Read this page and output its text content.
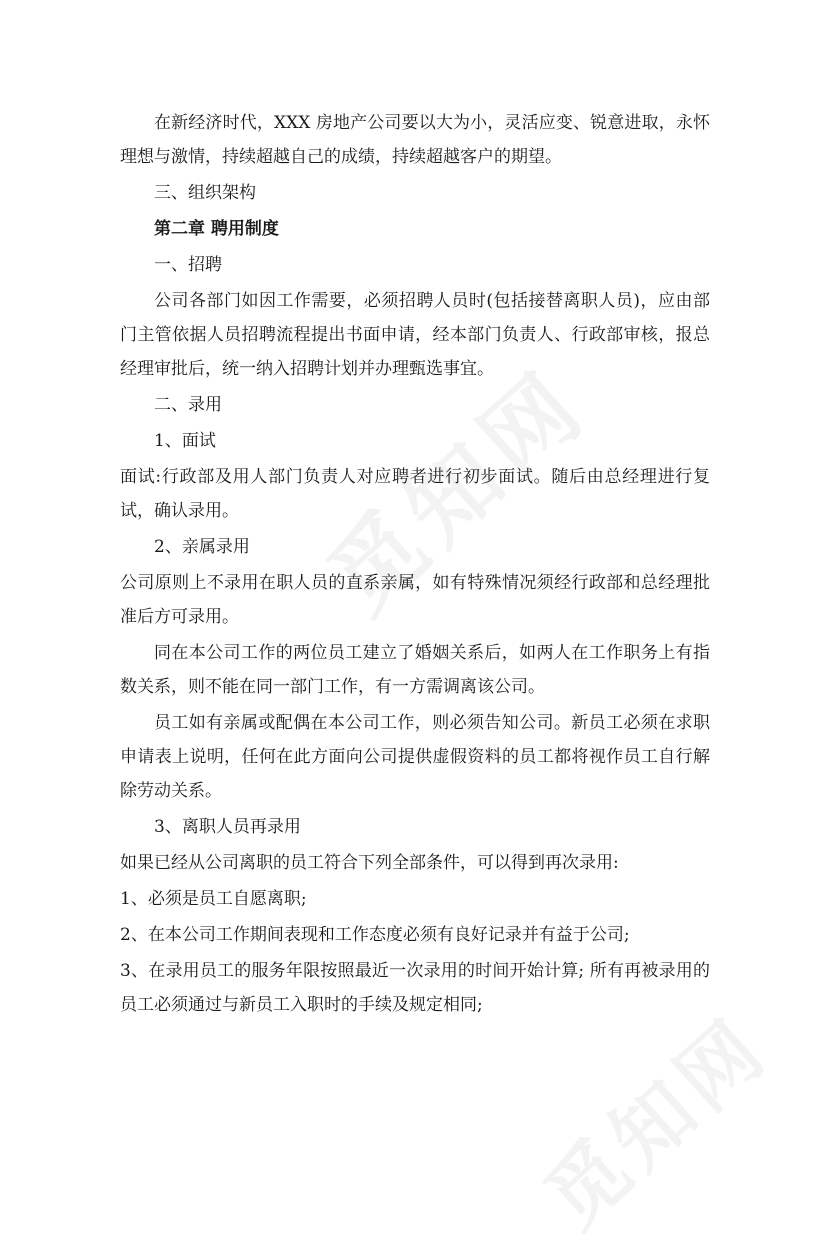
在新经济时代，XXX 房地产公司要以大为小，灵活应变、锐意进取，永怀理想与激情，持续超越自己的成绩，持续超越客户的期望。

三、组织架构

第二章 聘用制度

一、招聘

公司各部门如因工作需要，必须招聘人员时(包括接替离职人员)，应由部门主管依据人员招聘流程提出书面申请，经本部门负责人、行政部审核，报总经理审批后，统一纳入招聘计划并办理甄选事宜。

二、录用

1、面试

面试:行政部及用人部门负责人对应聘者进行初步面试。随后由总经理进行复试，确认录用。

2、亲属录用

公司原则上不录用在职人员的直系亲属，如有特殊情况须经行政部和总经理批准后方可录用。

同在本公司工作的两位员工建立了婚姻关系后，如两人在工作职务上有指数关系，则不能在同一部门工作，有一方需调离该公司。

员工如有亲属或配偶在本公司工作，则必须告知公司。新员工必须在求职申请表上说明，任何在此方面向公司提供虚假资料的员工都将视作员工自行解除劳动关系。

3、离职人员再录用

如果已经从公司离职的员工符合下列全部条件，可以得到再次录用:

1、必须是员工自愿离职;

2、在本公司工作期间表现和工作态度必须有良好记录并有益于公司;

3、在录用员工的服务年限按照最近一次录用的时间开始计算; 所有再被录用的员工必须通过与新员工入职时的手续及规定相同;
